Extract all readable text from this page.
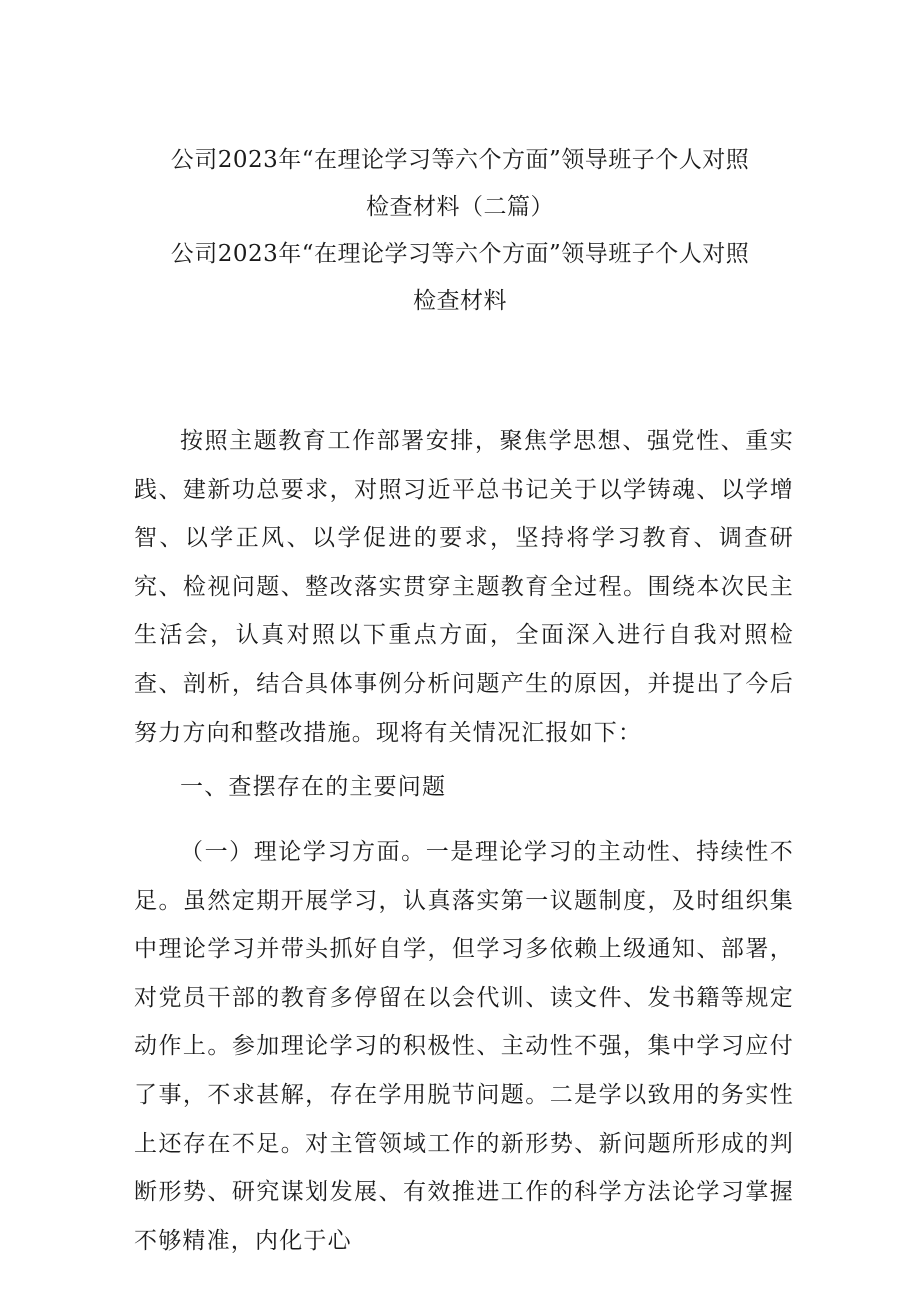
公司2023年“在理论学习等六个方面”领导班子个人对照
检查材料（二篇）
公司2023年“在理论学习等六个方面”领导班子个人对照
检查材料

按照主题教育工作部署安排，聚焦学思想、强党性、重实践、建新功总要求，对照习近平总书记关于以学铸魂、以学增智、以学正风、以学促进的要求，坚持将学习教育、调查研究、检视问题、整改落实贯穿主题教育全过程。围绕本次民主生活会，认真对照以下重点方面，全面深入进行自我对照检查、剖析，结合具体事例分析问题产生的原因，并提出了今后努力方向和整改措施。现将有关情况汇报如下：

一、查摆存在的主要问题

（一）理论学习方面。一是理论学习的主动性、持续性不足。虽然定期开展学习，认真落实第一议题制度，及时组织集中理论学习并带头抓好自学，但学习多依赖上级通知、部署，对党员干部的教育多停留在以会代训、读文件、发书籍等规定动作上。参加理论学习的积极性、主动性不强，集中学习应付了事，不求甚解，存在学用脱节问题。二是学以致用的务实性上还存在不足。对主管领域工作的新形势、新问题所形成的判断形势、研究谋划发展、有效推进工作的科学方法论学习掌握不够精准，内化于心
